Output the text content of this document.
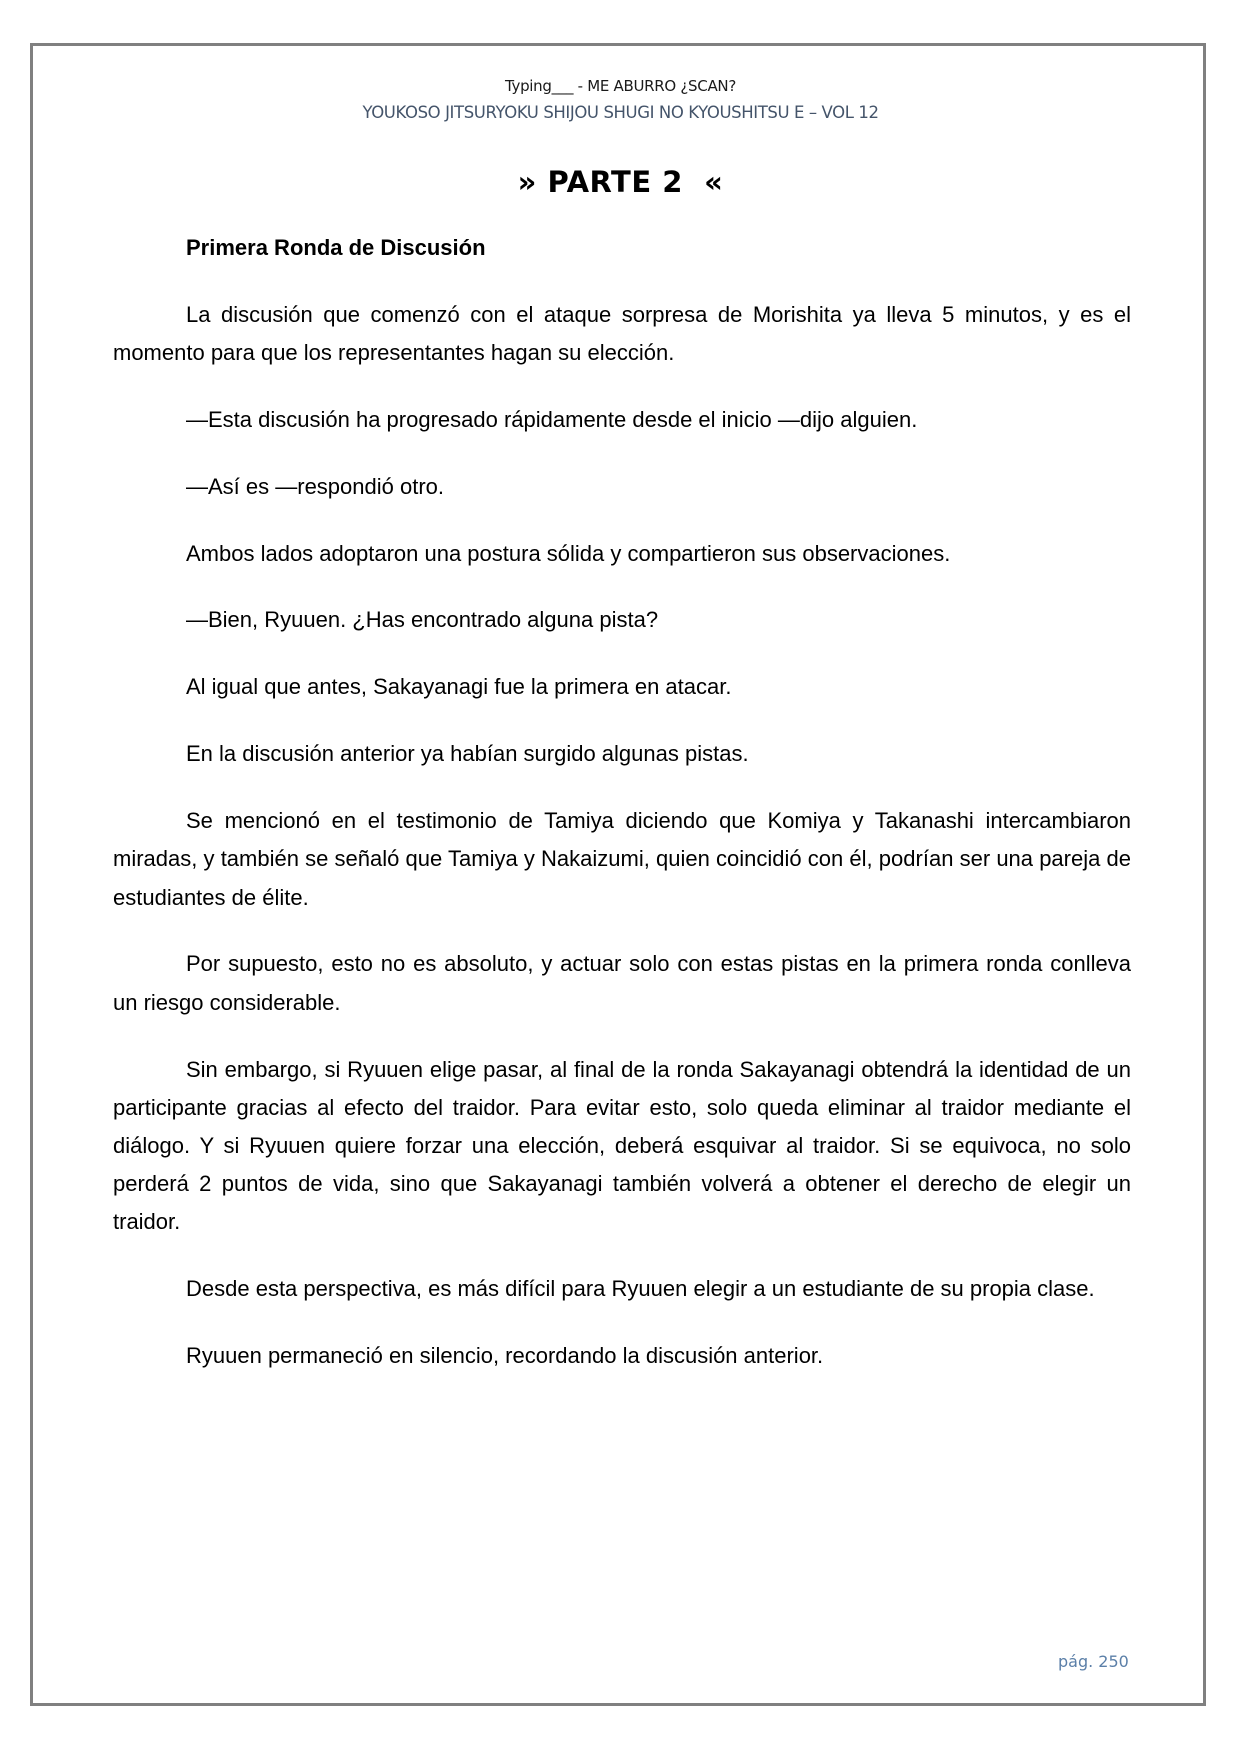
Typing___ - ME ABURRO ¿SCAN?
YOUKOSO JITSURYOKU SHIJOU SHUGI NO KYOUSHITSU E – VOL 12
» PARTE 2  «
Primera Ronda de Discusión

La discusión que comenzó con el ataque sorpresa de Morishita ya lleva 5 minutos, y es el momento para que los representantes hagan su elección.

—Esta discusión ha progresado rápidamente desde el inicio —dijo alguien.

—Así es —respondió otro.

Ambos lados adoptaron una postura sólida y compartieron sus observaciones.

—Bien, Ryuuen. ¿Has encontrado alguna pista?

Al igual que antes, Sakayanagi fue la primera en atacar.

En la discusión anterior ya habían surgido algunas pistas.

Se mencionó en el testimonio de Tamiya diciendo que Komiya y Takanashi intercambiaron miradas, y también se señaló que Tamiya y Nakaizumi, quien coincidió con él, podrían ser una pareja de estudiantes de élite.

Por supuesto, esto no es absoluto, y actuar solo con estas pistas en la primera ronda conlleva un riesgo considerable.

Sin embargo, si Ryuuen elige pasar, al final de la ronda Sakayanagi obtendrá la identidad de un participante gracias al efecto del traidor. Para evitar esto, solo queda eliminar al traidor mediante el diálogo. Y si Ryuuen quiere forzar una elección, deberá esquivar al traidor. Si se equivoca, no solo perderá 2 puntos de vida, sino que Sakayanagi también volverá a obtener el derecho de elegir un traidor.

Desde esta perspectiva, es más difícil para Ryuuen elegir a un estudiante de su propia clase.

Ryuuen permaneció en silencio, recordando la discusión anterior.

pág. 250
